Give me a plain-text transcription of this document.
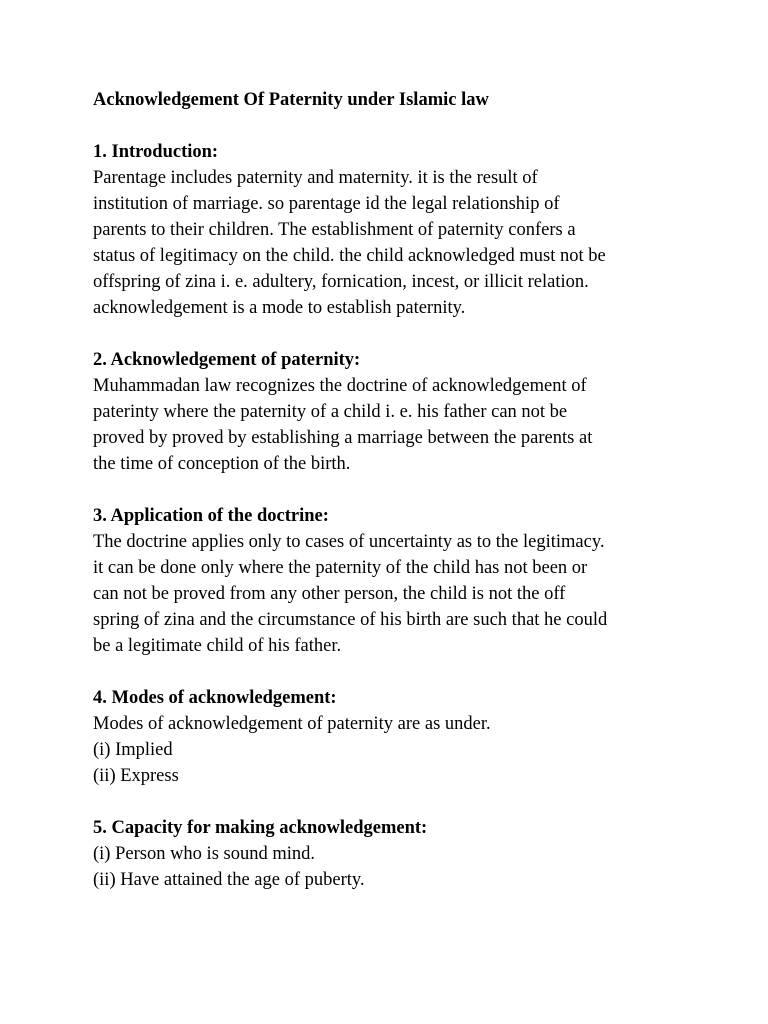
Acknowledgement Of Paternity under Islamic law
1. Introduction:
Parentage includes paternity and maternity. it is the result of
institution of marriage. so parentage id the legal relationship of
parents to their children. The establishment of paternity confers a
status of legitimacy on the child. the child acknowledged must not be
offspring of zina i. e. adultery, fornication, incest, or illicit relation.
acknowledgement is a mode to establish paternity.
2. Acknowledgement of paternity:
Muhammadan law recognizes the doctrine of acknowledgement of
paterinty where the paternity of a child i. e. his father can not be
proved by proved by establishing a marriage between the parents at
the time of conception of the birth.
3. Application of the doctrine:
The doctrine applies only to cases of uncertainty as to the legitimacy.
it can be done only where the paternity of the child has not been or
can not be proved from any other person, the child is not the off
spring of zina and the circumstance of his birth are such that he could
be a legitimate child of his father.
4. Modes of acknowledgement:
Modes of acknowledgement of paternity are as under.
(i) Implied
(ii) Express
5. Capacity for making acknowledgement:
(i) Person who is sound mind.
(ii) Have attained the age of puberty.
